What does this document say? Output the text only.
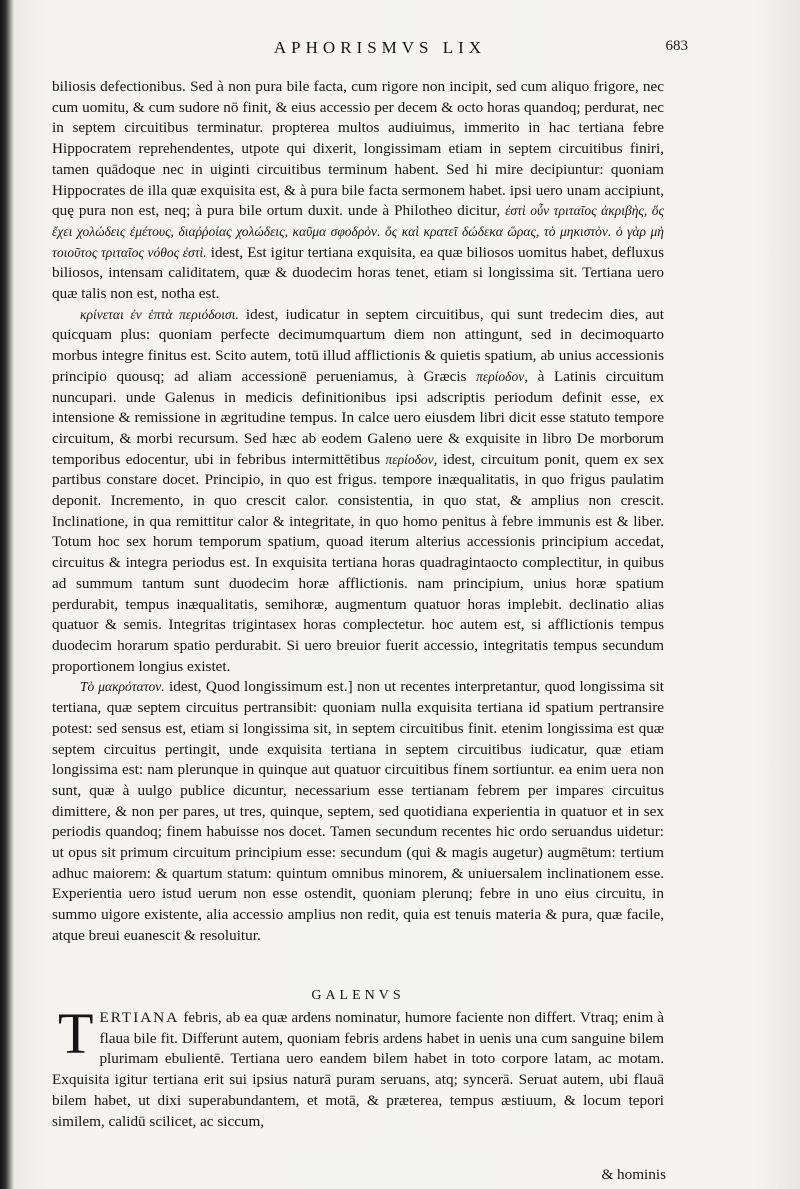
APHORISMVS LIX	683

biliosis defectionibus. Sed à non pura bile facta, cum rigore non incipit, sed cum aliquo frigore, nec cum uomitu, & cum sudore nō finit, & eius accessio per decem & octo horas quandoq; perdurat, nec in septem circuitibus terminatur. propterea multos audiuimus, immerito in hac tertiana febre Hippocratem reprehendentes, utpote qui dixerit, longissimam etiam in septem circuitibus finiri, tamen quādoque nec in uiginti circuitibus terminum habent. Sed hi mire decipiuntur: quoniam Hippocrates de illa quæ exquisita est, & à pura bile facta sermonem habet. ipsi uero unam accipiunt, quę pura non est, neq; à pura bile ortum duxit. unde à Philotheo dicitur, ἐστὶ οὖν τριταῖος ἀκριβὴς, ὅς ἔχει χολώδεις ἐμέτους, διαῤῥοίας χολώδεις, καῦμα σφοδρὸν. ὅς καὶ κρατεῖ δώδεκα ὥρας, τὸ μηκιστὸν. ὁ γὰρ μὴ τοιοῦτος τριταῖος νόθος ἐστὶ. idest, Est igitur tertiana exquisita, ea quæ biliosos uomitus habet, defluxus biliosos, intensam caliditatem, quæ & duodecim horas tenet, etiam si longissima sit. Tertiana uero quæ talis non est, notha est.

κρίνεται ἐν ἑπτὰ περιόδοισι. idest, iudicatur in septem circuitibus, qui sunt tredecim dies, aut quicquam plus: quoniam perfecte decimumquartum diem non attingunt, sed in decimoquarto morbus integre finitus est. Scito autem, totū illud afflictionis & quietis spatium, ab unius accessionis principio quousq; ad aliam accessionē perueniamus, à Græcis περίοδον, à Latinis circuitum nuncupari. unde Galenus in medicis definitionibus ipsi adscriptis periodum definit esse, ex intensione & remissione in ægritudine tempus. In calce uero eiusdem libri dicit esse statuto tempore circuitum, & morbi recursum. Sed hæc ab eodem Galeno uere & exquisite in libro De morborum temporibus edocentur, ubi in febribus intermittētibus περίοδον, idest, circuitum ponit, quem ex sex partibus constare docet. Principio, in quo est frigus. tempore inæqualitatis, in quo frigus paulatim deponit. Incremento, in quo crescit calor. consistentia, in quo stat, & amplius non crescit. Inclinatione, in qua remittitur calor & integritate, in quo homo penitus à febre immunis est & liber. Totum hoc sex horum temporum spatium, quoad iterum alterius accessionis principium accedat, circuitus & integra periodus est. In exquisita tertiana horas quadragintaocto complectitur, in quibus ad summum tantum sunt duodecim horæ afflictionis. nam principium, unius horæ spatium perdurabit, tempus inæqualitatis, semihoræ, augmentum quatuor horas implebit. declinatio alias quatuor & semis. Integritas trigintasex horas complectetur. hoc autem est, si afflictionis tempus duodecim horarum spatio perdurabit. Si uero breuior fuerit accessio, integritatis tempus secundum proportionem longius existet.

Τὸ μακρότατον. idest, Quod longissimum est.] non ut recentes interpretantur, quod longissima sit tertiana, quæ septem circuitus pertransibit: quoniam nulla exquisita tertiana id spatium pertransire potest: sed sensus est, etiam si longissima sit, in septem circuitibus finit. etenim longissima est quæ septem circuitus pertingit, unde exquisita tertiana in septem circuitibus iudicatur, quæ etiam longissima est: nam plerunque in quinque aut quatuor circuitibus finem sortiuntur. ea enim uera non sunt, quæ à uulgo publice dicuntur, necessarium esse tertianam febrem per impares circuitus dimittere, & non per pares, ut tres, quinque, septem, sed quotidiana experientia in quatuor et in sex periodis quandoq; finem habuisse nos docet. Tamen secundum recentes hic ordo seruandus uidetur: ut opus sit primum circuitum principium esse: secundum (qui & magis augetur) augmētum: tertium adhuc maiorem: & quartum statum: quintum omnibus minorem, & uniuersalem inclinationem esse. Experientia uero istud uerum non esse ostendit, quoniam plerunq; febre in uno eius circuitu, in summo uigore existente, alia accessio amplius non redit, quia est tenuis materia & pura, quæ facile, atque breui euanescit & resoluitur.

GALENVS
TERTIANA febris, ab ea quæ ardens nominatur, humore faciente non differt. Vtraq; enim à flaua bile fit. Differunt autem, quoniam febris ardens habet in uenis una cum sanguine bilem plurimam ebulientē. Tertiana uero eandem bilem habet in toto corpore latam, ac motam. Exquisita igitur tertiana erit sui ipsius naturā puram seruans, atq; syncerā. Seruat autem, ubi flauā bilem habet, ut dixi superabundantem, et motā, & præterea, tempus æstiuum, & locum tepori similem, calidū scilicet, ac siccum,
& hominis
